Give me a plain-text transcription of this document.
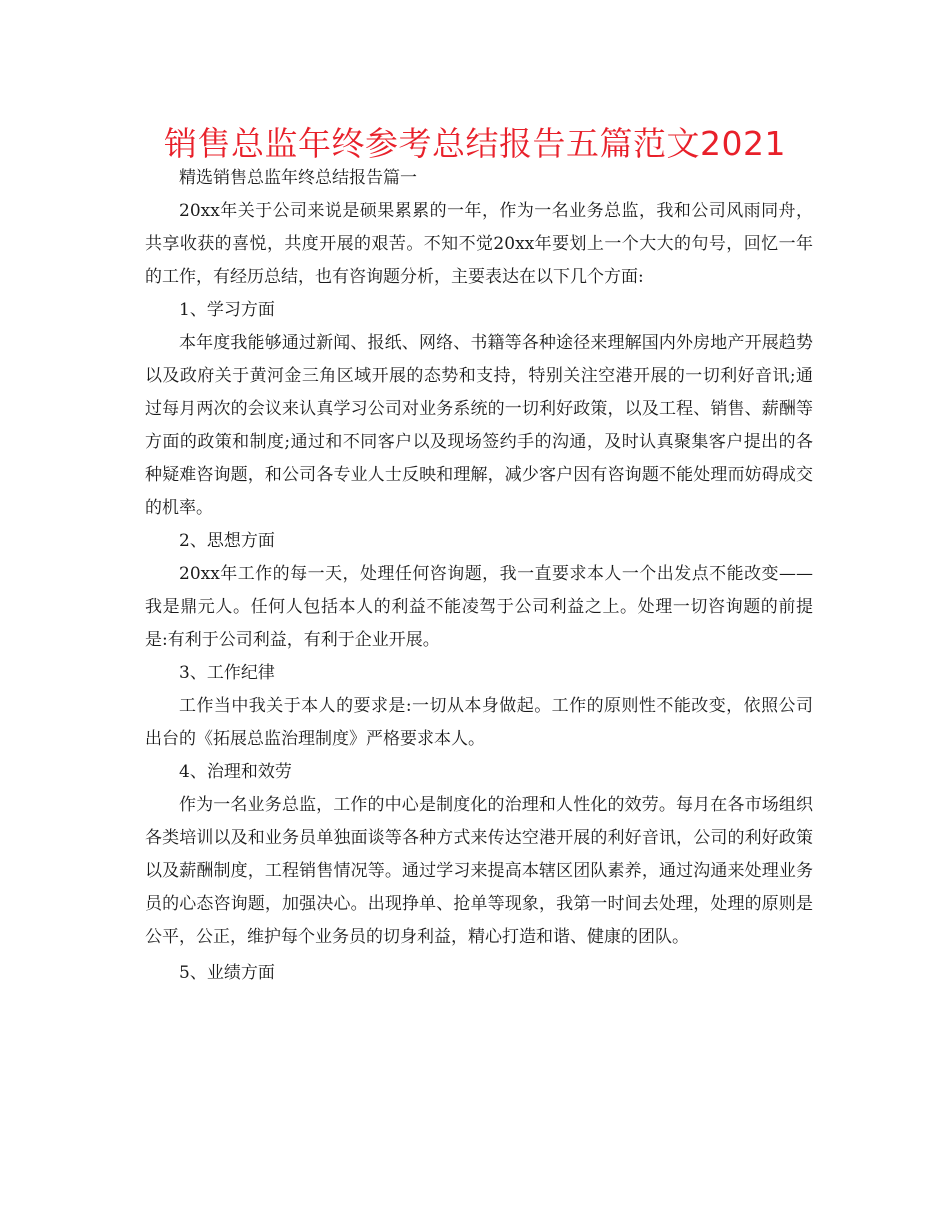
销售总监年终参考总结报告五篇范文2021

精选销售总监年终总结报告篇一

20xx年关于公司来说是硕果累累的一年，作为一名业务总监，我和公司风雨同舟，共享收获的喜悦，共度开展的艰苦。不知不觉20xx年要划上一个大大的句号，回忆一年的工作，有经历总结，也有咨询题分析，主要表达在以下几个方面:

1、学习方面

本年度我能够通过新闻、报纸、网络、书籍等各种途径来理解国内外房地产开展趋势以及政府关于黄河金三角区域开展的态势和支持，特别关注空港开展的一切利好音讯;通过每月两次的会议来认真学习公司对业务系统的一切利好政策，以及工程、销售、薪酬等方面的政策和制度;通过和不同客户以及现场签约手的沟通，及时认真聚集客户提出的各种疑难咨询题，和公司各专业人士反映和理解，减少客户因有咨询题不能处理而妨碍成交的机率。

2、思想方面

20xx年工作的每一天，处理任何咨询题，我一直要求本人一个出发点不能改变——我是鼎元人。任何人包括本人的利益不能凌驾于公司利益之上。处理一切咨询题的前提是:有利于公司利益，有利于企业开展。

3、工作纪律

工作当中我关于本人的要求是:一切从本身做起。工作的原则性不能改变，依照公司出台的《拓展总监治理制度》严格要求本人。

4、治理和效劳

作为一名业务总监，工作的中心是制度化的治理和人性化的效劳。每月在各市场组织各类培训以及和业务员单独面谈等各种方式来传达空港开展的利好音讯，公司的利好政策以及薪酬制度，工程销售情况等。通过学习来提高本辖区团队素养，通过沟通来处理业务员的心态咨询题，加强决心。出现挣单、抢单等现象，我第一时间去处理，处理的原则是公平，公正，维护每个业务员的切身利益，精心打造和谐、健康的团队。

5、业绩方面
